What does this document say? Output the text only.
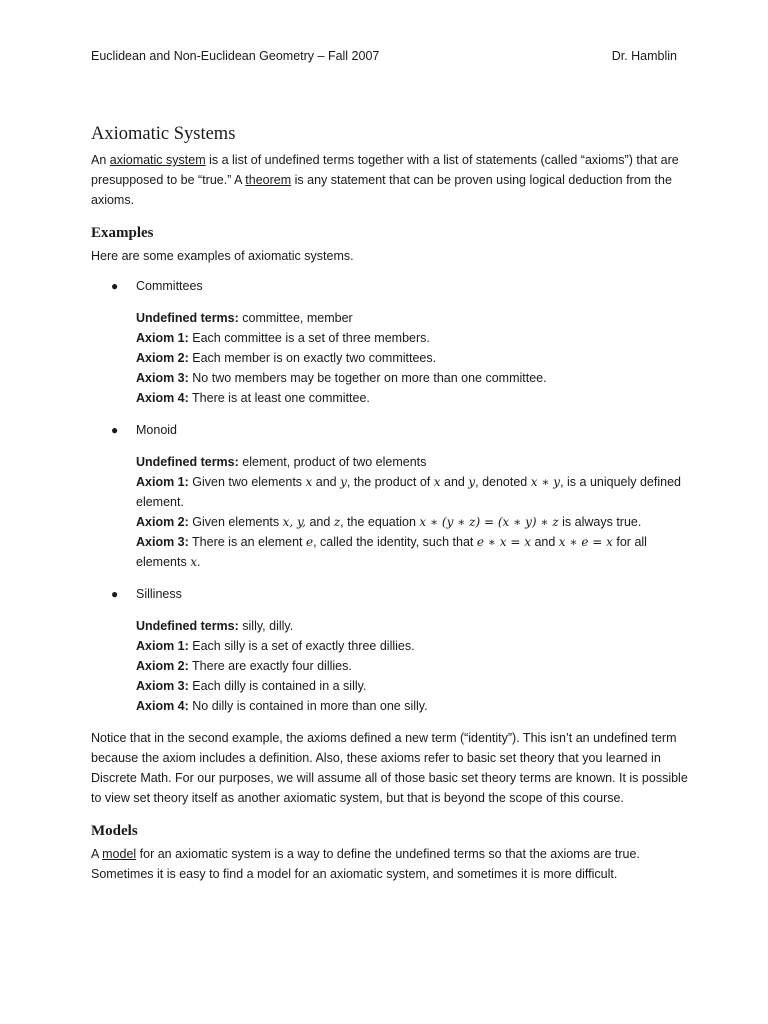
Euclidean and Non-Euclidean Geometry – Fall 2007	Dr. Hamblin
Axiomatic Systems

An axiomatic system is a list of undefined terms together with a list of statements (called “axioms”) that are presupposed to be “true.” A theorem is any statement that can be proven using logical deduction from the axioms.

Examples

Here are some examples of axiomatic systems.

● Committees
Undefined terms: committee, member
Axiom 1: Each committee is a set of three members.
Axiom 2: Each member is on exactly two committees.
Axiom 3: No two members may be together on more than one committee.
Axiom 4: There is at least one committee.
● Monoid
Undefined terms: element, product of two elements
Axiom 1: Given two elements x and y, the product of x and y, denoted x ∗ y, is a uniquely defined element.
Axiom 2: Given elements x, y, and z, the equation x ∗ (y ∗ z) = (x ∗ y) ∗ z is always true.
Axiom 3: There is an element e, called the identity, such that e ∗ x = x and x ∗ e = x for all elements x.
● Silliness
Undefined terms: silly, dilly.
Axiom 1: Each silly is a set of exactly three dillies.
Axiom 2: There are exactly four dillies.
Axiom 3: Each dilly is contained in a silly.
Axiom 4: No dilly is contained in more than one silly.

Notice that in the second example, the axioms defined a new term (“identity”). This isn’t an undefined term because the axiom includes a definition. Also, these axioms refer to basic set theory that you learned in Discrete Math. For our purposes, we will assume all of those basic set theory terms are known. It is possible to view set theory itself as another axiomatic system, but that is beyond the scope of this course.

Models

A model for an axiomatic system is a way to define the undefined terms so that the axioms are true. Sometimes it is easy to find a model for an axiomatic system, and sometimes it is more difficult.
